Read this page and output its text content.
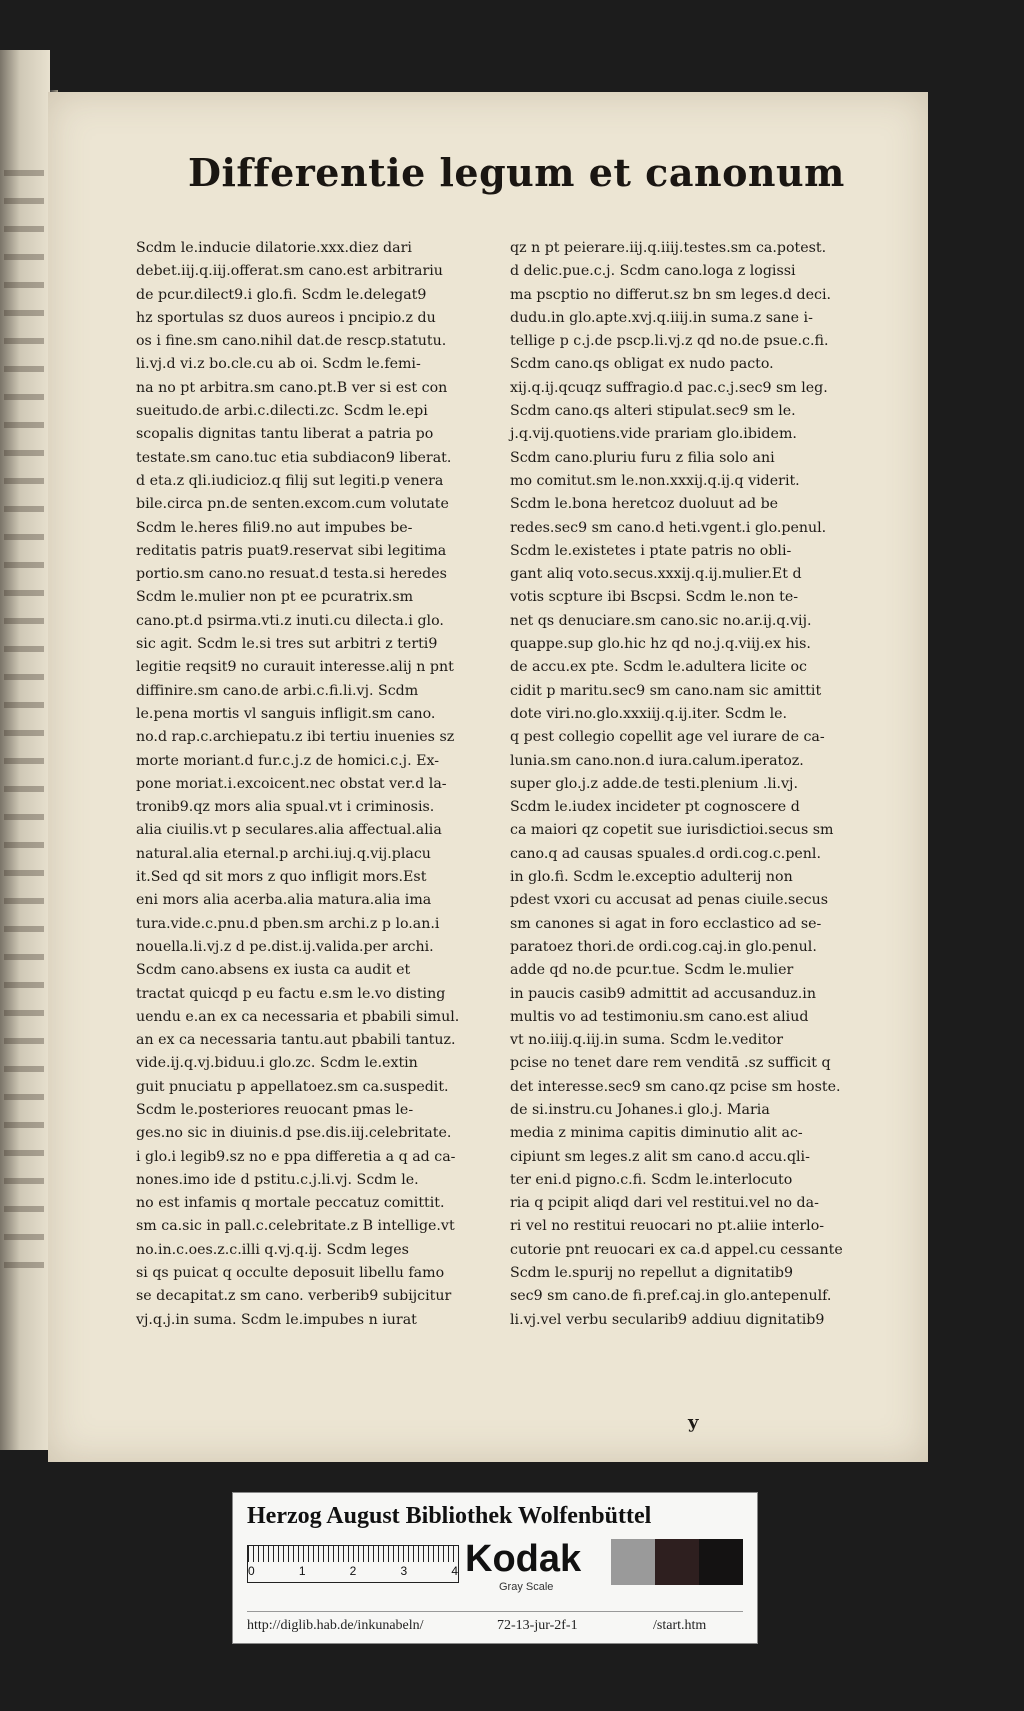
Differentie legum et canonum

Scdm le.inducie dilatorie.xxx.diez dari

debet.iij.q.iij.offerat.sm cano.est arbitrariu

de pcur.dilect9.i glo.fi. Scdm le.delegat9

hz sportulas sz duos aureos i pncipio.z du

os i fine.sm cano.nihil dat.de rescp.statutu.

li.vj.d vi.z bo.cle.cu ab oi. Scdm le.femi-

na no pt arbitra.sm cano.pt.B ver si est con

sueitudo.de arbi.c.dilecti.zc. Scdm le.epi

scopalis dignitas tantu liberat a patria po

testate.sm cano.tuc etia subdiacon9 liberat.

d eta.z qli.iudicioz.q filij sut legiti.p venera

bile.circa pn.de senten.excom.cum volutate

Scdm le.heres fili9.no aut impubes be-

reditatis patris puat9.reservat sibi legitima

portio.sm cano.no resuat.d testa.si heredes

Scdm le.mulier non pt ee pcuratrix.sm

cano.pt.d psirma.vti.z inuti.cu dilecta.i glo.

sic agit. Scdm le.si tres sut arbitri z terti9

legitie reqsit9 no curauit interesse.alij n pnt

diffinire.sm cano.de arbi.c.fi.li.vj. Scdm

le.pena mortis vl sanguis infligit.sm cano.

no.d rap.c.archiepatu.z ibi tertiu inuenies sz

morte moriant.d fur.c.j.z de homici.c.j. Ex-

pone moriat.i.excoicent.nec obstat ver.d la-

tronib9.qz mors alia spual.vt i criminosis.

alia ciuilis.vt p seculares.alia affectual.alia

natural.alia eternal.p archi.iuj.q.vij.placu

it.Sed qd sit mors z quo infligit mors.Est

eni mors alia acerba.alia matura.alia ima

tura.vide.c.pnu.d pben.sm archi.z p lo.an.i

nouella.li.vj.z d pe.dist.ij.valida.per archi.

Scdm cano.absens ex iusta ca audit et

tractat quicqd p eu factu e.sm le.vo disting

uendu e.an ex ca necessaria et pbabili simul.

an ex ca necessaria tantu.aut pbabili tantuz.

vide.ij.q.vj.biduu.i glo.zc. Scdm le.extin

guit pnuciatu p appellatoez.sm ca.suspedit.

Scdm le.posteriores reuocant pmas le-

ges.no sic in diuinis.d pse.dis.iij.celebritate.

i glo.i legib9.sz no e ppa differetia a q ad ca-

nones.imo ide d pstitu.c.j.li.vj. Scdm le.

no est infamis q mortale peccatuz comittit.

sm ca.sic in pall.c.celebritate.z B intellige.vt

no.in.c.oes.z.c.illi q.vj.q.ij. Scdm leges

si qs puicat q occulte deposuit libellu famo

se decapitat.z sm cano. verberib9 subijcitur

vj.q.j.in suma. Scdm le.impubes n iurat

qz n pt peierare.iij.q.iiij.testes.sm ca.potest.

d delic.pue.c.j. Scdm cano.loga z logissi

ma pscptio no differut.sz bn sm leges.d deci.

dudu.in glo.apte.xvj.q.iiij.in suma.z sane i-

tellige p c.j.de pscp.li.vj.z qd no.de psue.c.fi.

Scdm cano.qs obligat ex nudo pacto.

xij.q.ij.qcuqz suffragio.d pac.c.j.sec9 sm leg.

Scdm cano.qs alteri stipulat.sec9 sm le.

j.q.vij.quotiens.vide prariam glo.ibidem.

Scdm cano.pluriu furu z filia solo ani

mo comitut.sm le.non.xxxij.q.ij.q viderit.

Scdm le.bona heretcoz duoluut ad be

redes.sec9 sm cano.d heti.vgent.i glo.penul.

Scdm le.existetes i ptate patris no obli-

gant aliq voto.secus.xxxij.q.ij.mulier.Et d

votis scpture ibi Bscpsi. Scdm le.non te-

net qs denuciare.sm cano.sic no.ar.ij.q.vij.

quappe.sup glo.hic hz qd no.j.q.viij.ex his.

de accu.ex pte. Scdm le.adultera licite oc

cidit p maritu.sec9 sm cano.nam sic amittit

dote viri.no.glo.xxxiij.q.ij.iter. Scdm le.

q pest collegio copellit age vel iurare de ca-

lunia.sm cano.non.d iura.calum.iperatoz.

super glo.j.z adde.de testi.plenium .li.vj.

Scdm le.iudex incideter pt cognoscere d

ca maiori qz copetit sue iurisdictioi.secus sm

cano.q ad causas spuales.d ordi.cog.c.penl.

in glo.fi. Scdm le.exceptio adulterij non

pdest vxori cu accusat ad penas ciuile.secus

sm canones si agat in foro ecclastico ad se-

paratoez thori.de ordi.cog.caj.in glo.penul.

adde qd no.de pcur.tue. Scdm le.mulier

in paucis casib9 admittit ad accusanduz.in

multis vo ad testimoniu.sm cano.est aliud

vt no.iiij.q.iij.in suma. Scdm le.veditor

pcise no tenet dare rem venditā .sz sufficit q

det interesse.sec9 sm cano.qz pcise sm hoste.

de si.instru.cu Johanes.i glo.j. Maria

media z minima capitis diminutio alit ac-

cipiunt sm leges.z alit sm cano.d accu.qli-

ter eni.d pigno.c.fi. Scdm le.interlocuto

ria q pcipit aliqd dari vel restitui.vel no da-

ri vel no restitui reuocari no pt.aliie interlo-

cutorie pnt reuocari ex ca.d appel.cu cessante

Scdm le.spurij no repellut a dignitatib9

sec9 sm cano.de fi.pref.caj.in glo.antepenulf.

li.vj.vel verbu secularib9 addiuu dignitatib9

y
Herzog August Bibliothek Wolfenbüttel
0	1	2	3	4 Kodak
Gray Scale
http://diglib.hab.de/inkunabeln/	72-13-jur-2f-1	/start.htm
